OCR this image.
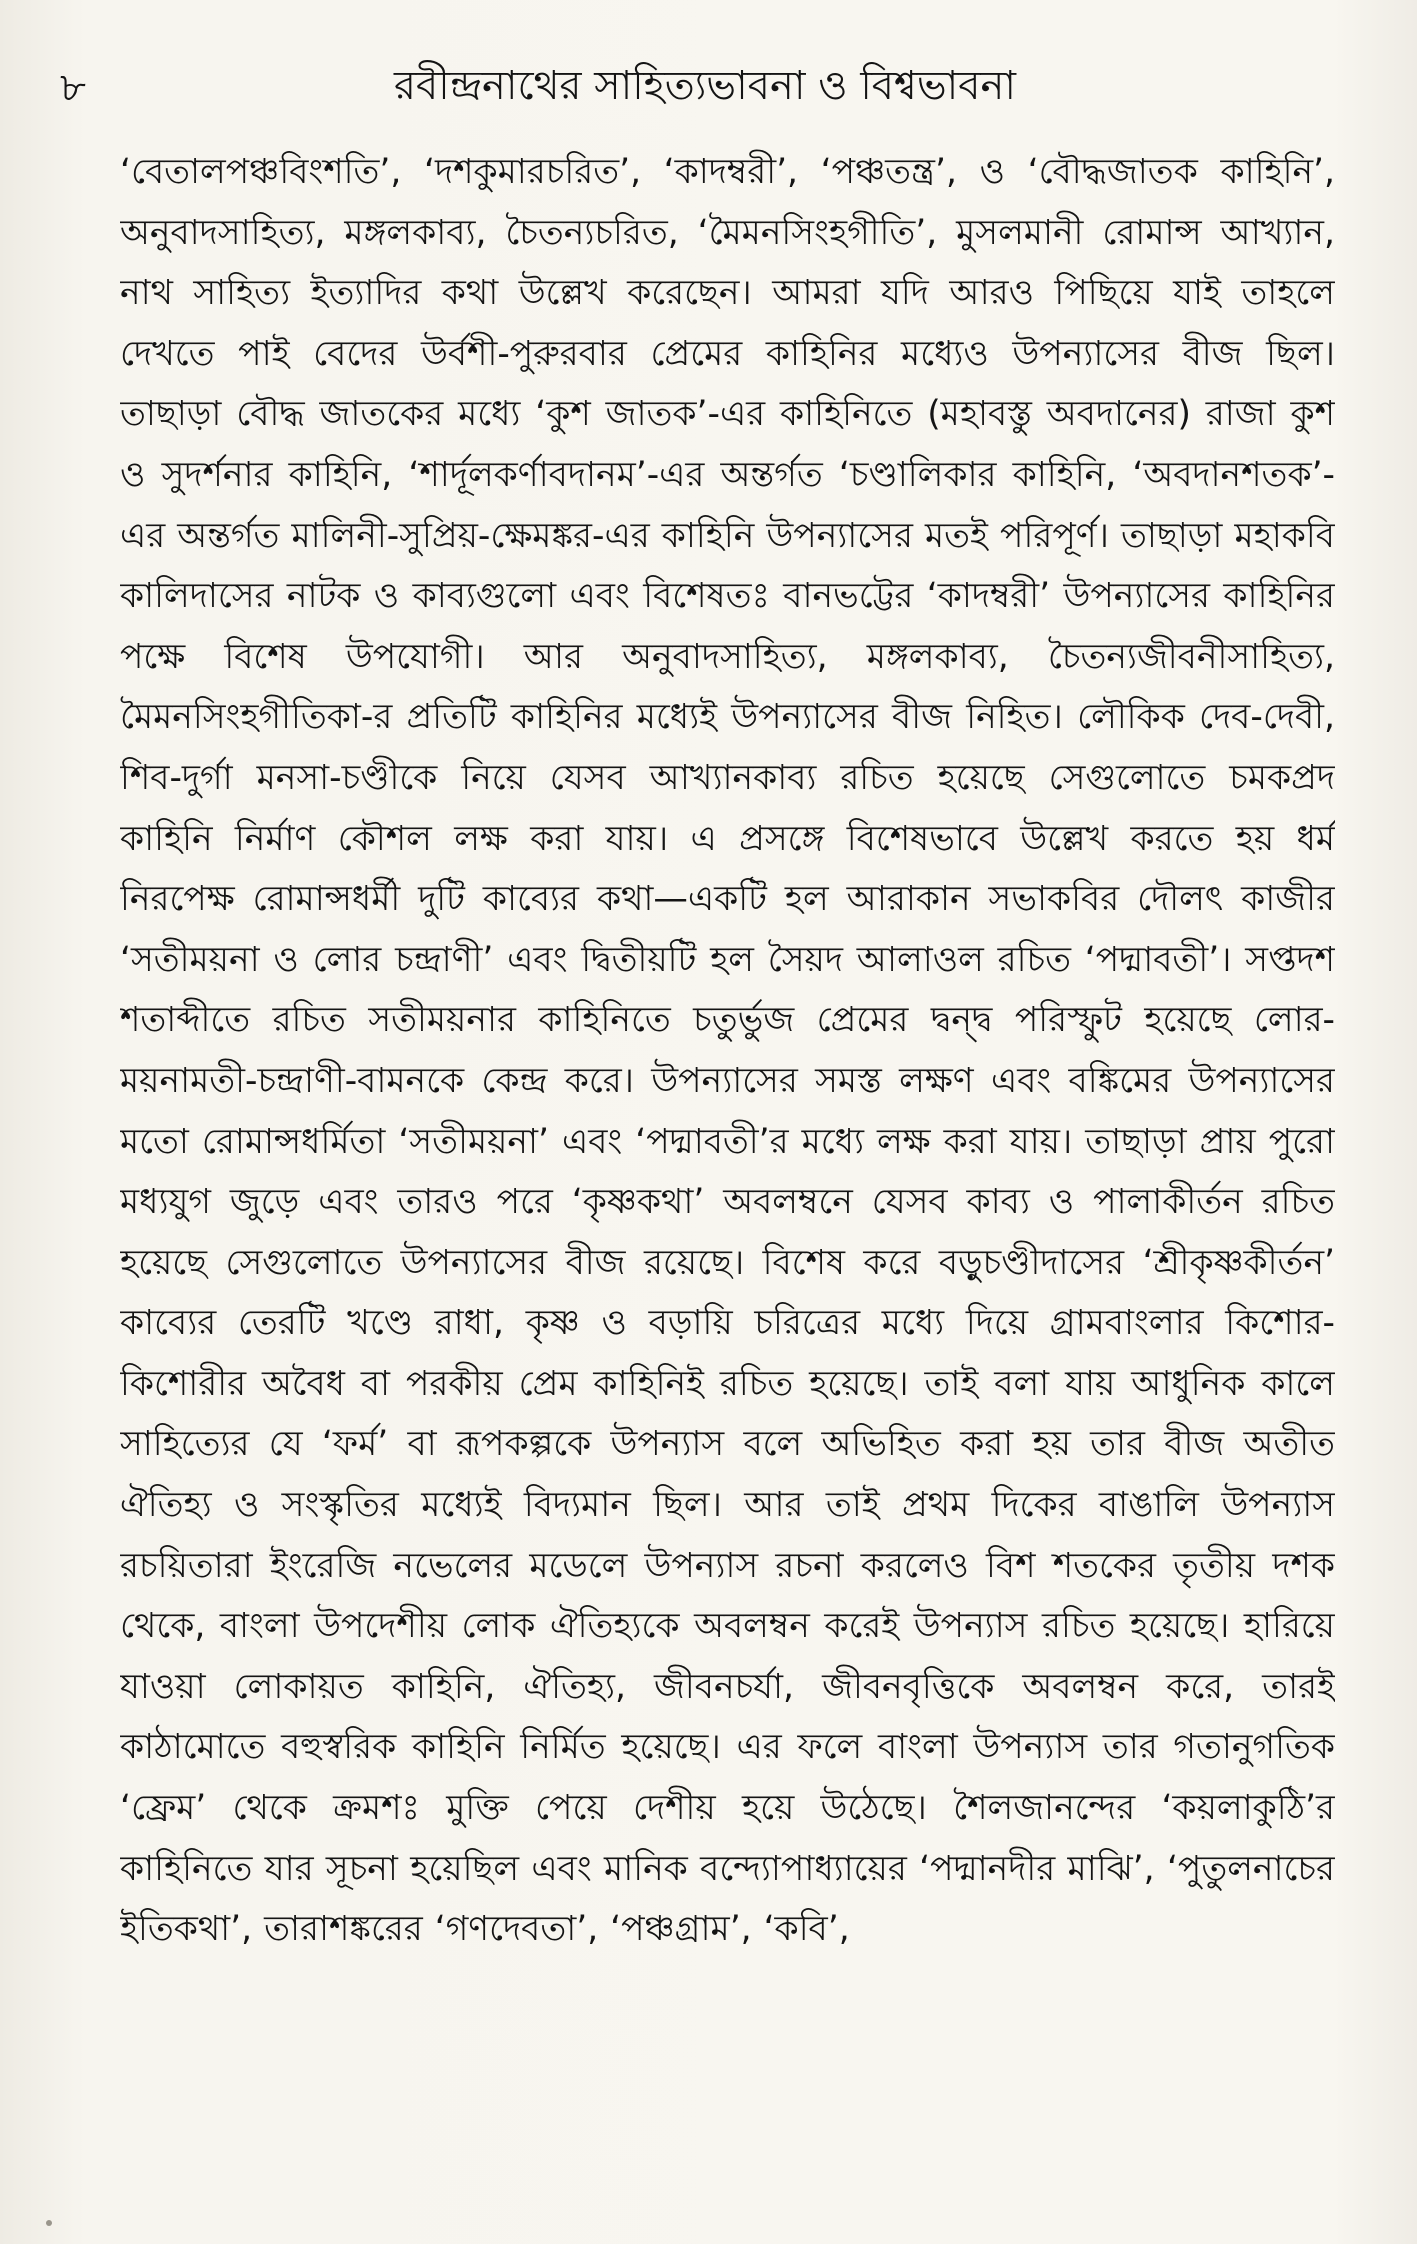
৮	রবীন্দ্রনাথের সাহিত্যভাবনা ও বিশ্বভাবনা

‘বেতালপঞ্চবিংশতি’, ‘দশকুমারচরিত’, ‘কাদম্বরী’, ‘পঞ্চতন্ত্র’, ও ‘বৌদ্ধজাতক কাহিনি’, অনুবাদসাহিত্য, মঙ্গলকাব্য, চৈতন্যচরিত, ‘মৈমনসিংহগীতি’, মুসলমানী রোমান্স আখ্যান, নাথ সাহিত্য ইত্যাদির কথা উল্লেখ করেছেন। আমরা যদি আরও পিছিয়ে যাই তাহলে দেখতে পাই বেদের উর্বশী-পুরুরবার প্রেমের কাহিনির মধ্যেও উপন্যাসের বীজ ছিল। তাছাড়া বৌদ্ধ জাতকের মধ্যে ‘কুশ জাতক’-এর কাহিনিতে (মহাবস্তু অবদানের) রাজা কুশ ও সুদর্শনার কাহিনি, ‘শার্দূলকর্ণাবদানম’-এর অন্তর্গত ‘চণ্ডালিকার কাহিনি, ‘অবদানশতক’-এর অন্তর্গত মালিনী-সুপ্রিয়-ক্ষেমঙ্কর-এর কাহিনি উপন্যাসের মতই পরিপূর্ণ। তাছাড়া মহাকবি কালিদাসের নাটক ও কাব্যগুলো এবং বিশেষতঃ বানভট্টের ‘কাদম্বরী’ উপন্যাসের কাহিনির পক্ষে বিশেষ উপযোগী। আর অনুবাদসাহিত্য, মঙ্গলকাব্য, চৈতন্যজীবনীসাহিত্য, মৈমনসিংহগীতিকা-র প্রতিটি কাহিনির মধ্যেই উপন্যাসের বীজ নিহিত। লৌকিক দেব-দেবী, শিব-দুর্গা মনসা-চণ্ডীকে নিয়ে যেসব আখ্যানকাব্য রচিত হয়েছে সেগুলোতে চমকপ্রদ কাহিনি নির্মাণ কৌশল লক্ষ করা যায়। এ প্রসঙ্গে বিশেষভাবে উল্লেখ করতে হয় ধর্ম নিরপেক্ষ রোমান্সধর্মী দুটি কাব্যের কথা—একটি হল আরাকান সভাকবির দৌলৎ কাজীর ‘সতীময়না ও লোর চন্দ্রাণী’ এবং দ্বিতীয়টি হল সৈয়দ আলাওল রচিত ‘পদ্মাবতী’। সপ্তদশ শতাব্দীতে রচিত সতীময়নার কাহিনিতে চতুর্ভুজ প্রেমের দ্বন্দ্ব পরিস্ফুট হয়েছে লোর-ময়নামতী-চন্দ্রাণী-বামনকে কেন্দ্র করে। উপন্যাসের সমস্ত লক্ষণ এবং বঙ্কিমের উপন্যাসের মতো রোমান্সধর্মিতা ‘সতীময়না’ এবং ‘পদ্মাবতী’র মধ্যে লক্ষ করা যায়। তাছাড়া প্রায় পুরো মধ্যযুগ জুড়ে এবং তারও পরে ‘কৃষ্ণকথা’ অবলম্বনে যেসব কাব্য ও পালাকীর্তন রচিত হয়েছে সেগুলোতে উপন্যাসের বীজ রয়েছে। বিশেষ করে বড়ুচণ্ডীদাসের ‘শ্রীকৃষ্ণকীর্তন’ কাব্যের তেরটি খণ্ডে রাধা, কৃষ্ণ ও বড়ায়ি চরিত্রের মধ্যে দিয়ে গ্রামবাংলার কিশোর-কিশোরীর অবৈধ বা পরকীয় প্রেম কাহিনিই রচিত হয়েছে। তাই বলা যায় আধুনিক কালে সাহিত্যের যে ‘ফর্ম’ বা রূপকল্পকে উপন্যাস বলে অভিহিত করা হয় তার বীজ অতীত ঐতিহ্য ও সংস্কৃতির মধ্যেই বিদ্যমান ছিল। আর তাই প্রথম দিকের বাঙালি উপন্যাস রচয়িতারা ইংরেজি নভেলের মডেলে উপন্যাস রচনা করলেও বিশ শতকের তৃতীয় দশক থেকে, বাংলা উপদেশীয় লোক ঐতিহ্যকে অবলম্বন করেই উপন্যাস রচিত হয়েছে। হারিয়ে যাওয়া লোকায়ত কাহিনি, ঐতিহ্য, জীবনচর্যা, জীবনবৃত্তিকে অবলম্বন করে, তারই কাঠামোতে বহুস্বরিক কাহিনি নির্মিত হয়েছে। এর ফলে বাংলা উপন্যাস তার গতানুগতিক ‘ফ্রেম’ থেকে ক্রমশঃ মুক্তি পেয়ে দেশীয় হয়ে উঠেছে। শৈলজানন্দের ‘কয়লাকুঠি’র কাহিনিতে যার সূচনা হয়েছিল এবং মানিক বন্দ্যোপাধ্যায়ের ‘পদ্মানদীর মাঝি’, ‘পুতুলনাচের ইতিকথা’, তারাশঙ্করের ‘গণদেবতা’, ‘পঞ্চগ্রাম’, ‘কবি’,
